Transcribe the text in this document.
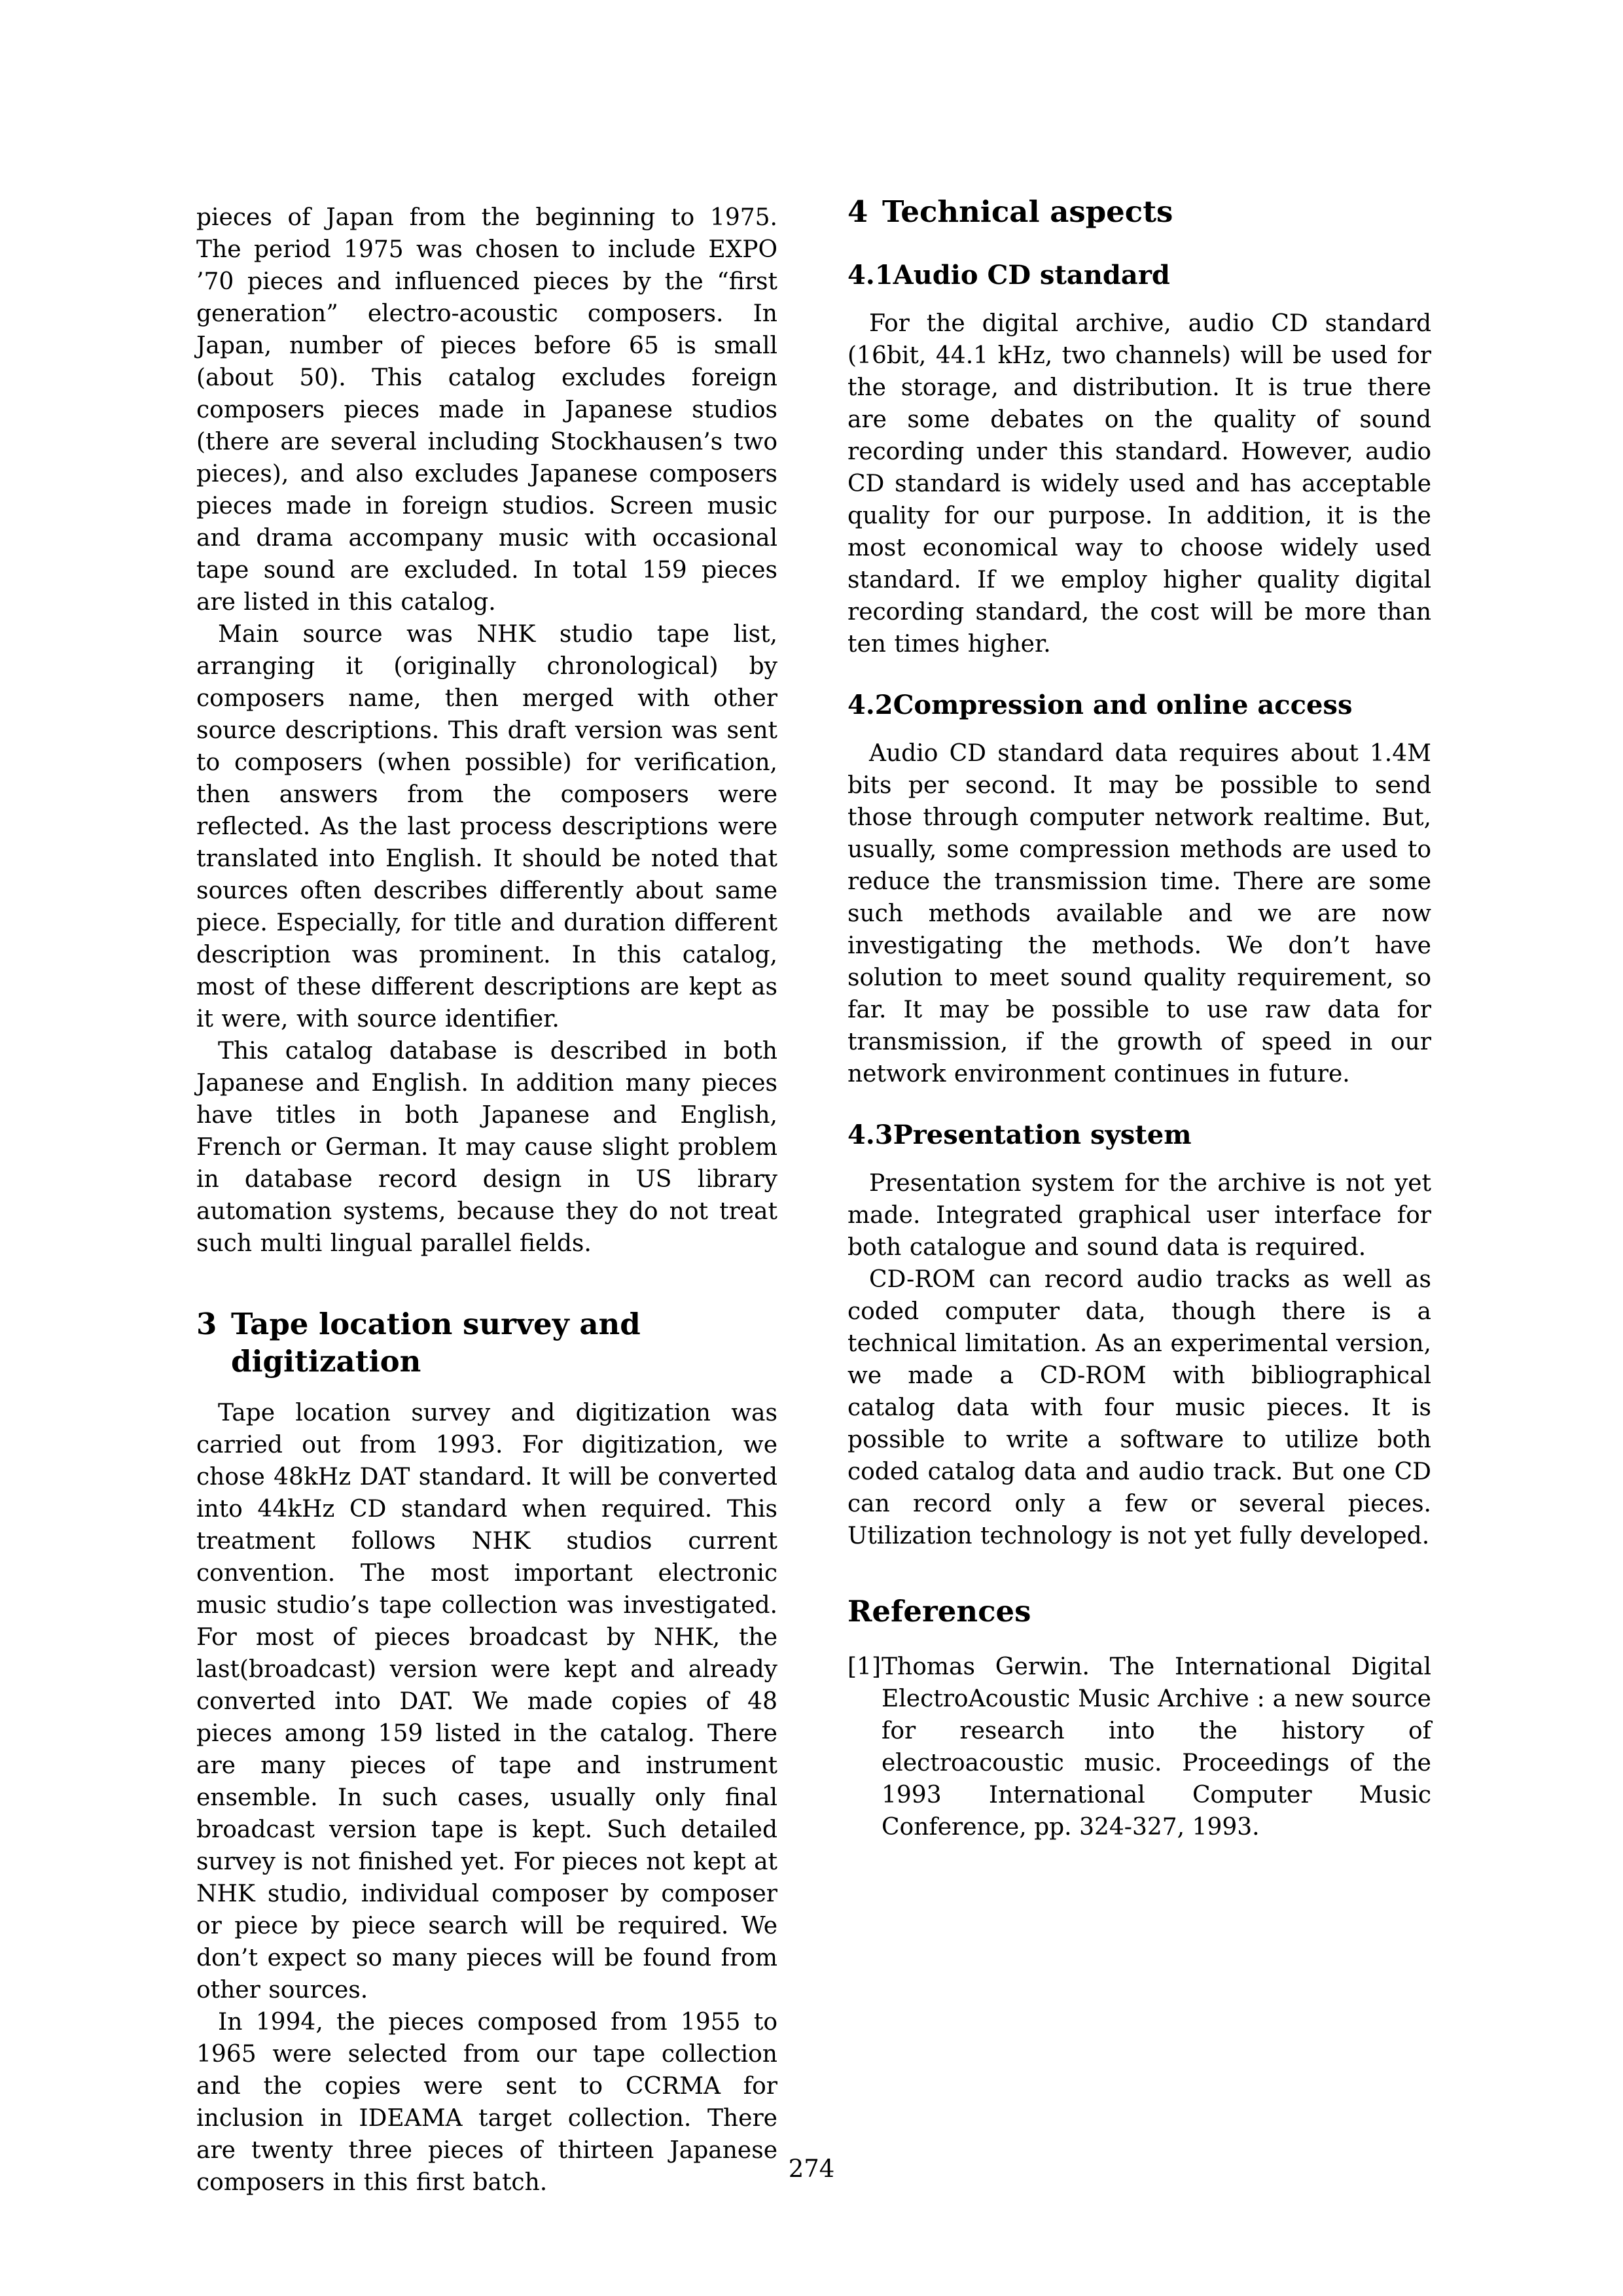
pieces of Japan from the beginning to 1975. The period 1975 was chosen to include EXPO ’70 pieces and influenced pieces by the “first generation” electro-acoustic composers. In Japan, number of pieces before 65 is small (about 50). This catalog excludes foreign composers pieces made in Japanese studios (there are several including Stockhausen’s two pieces), and also excludes Japanese composers pieces made in foreign studios. Screen music and drama accompany music with occasional tape sound are excluded. In total 159 pieces are listed in this catalog.

Main source was NHK studio tape list, arranging it (originally chronological) by composers name, then merged with other source descriptions. This draft version was sent to composers (when possible) for verification, then answers from the composers were reflected. As the last process descriptions were translated into English. It should be noted that sources often describes differently about same piece. Especially, for title and duration different description was prominent. In this catalog, most of these different descriptions are kept as it were, with source identifier.

This catalog database is described in both Japanese and English. In addition many pieces have titles in both Japanese and English, French or German. It may cause slight problem in database record design in US library automation systems, because they do not treat such multi lingual parallel fields.

3 Tape location survey and digitization

Tape location survey and digitization was carried out from 1993. For digitization, we chose 48kHz DAT standard. It will be converted into 44kHz CD standard when required. This treatment follows NHK studios current convention. The most important electronic music studio’s tape collection was investigated. For most of pieces broadcast by NHK, the last(broadcast) version were kept and already converted into DAT. We made copies of 48 pieces among 159 listed in the catalog. There are many pieces of tape and instrument ensemble. In such cases, usually only final broadcast version tape is kept. Such detailed survey is not finished yet. For pieces not kept at NHK studio, individual composer by composer or piece by piece search will be required. We don’t expect so many pieces will be found from other sources.

In 1994, the pieces composed from 1955 to 1965 were selected from our tape collection and the copies were sent to CCRMA for inclusion in IDEAMA target collection. There are twenty three pieces of thirteen Japanese composers in this first batch.

4 Technical aspects
4.1 Audio CD standard

For the digital archive, audio CD standard (16bit, 44.1 kHz, two channels) will be used for the storage, and distribution. It is true there are some debates on the quality of sound recording under this standard. However, audio CD standard is widely used and has acceptable quality for our purpose. In addition, it is the most economical way to choose widely used standard. If we employ higher quality digital recording standard, the cost will be more than ten times higher.

4.2 Compression and online access

Audio CD standard data requires about 1.4M bits per second. It may be possible to send those through computer network realtime. But, usually, some compression methods are used to reduce the transmission time. There are some such methods available and we are now investigating the methods. We don’t have solution to meet sound quality requirement, so far. It may be possible to use raw data for transmission, if the growth of speed in our network environment continues in future.

4.3 Presentation system

Presentation system for the archive is not yet made. Integrated graphical user interface for both catalogue and sound data is required.

CD-ROM can record audio tracks as well as coded computer data, though there is a technical limitation. As an experimental version, we made a CD-ROM with bibliographical catalog data with four music pieces. It is possible to write a software to utilize both coded catalog data and audio track. But one CD can record only a few or several pieces. Utilization technology is not yet fully developed.

References
[1] Thomas Gerwin. The International Digital ElectroAcoustic Music Archive : a new source for research into the history of electroacoustic music. Proceedings of the 1993 International Computer Music Conference, pp. 324-327, 1993.
274
